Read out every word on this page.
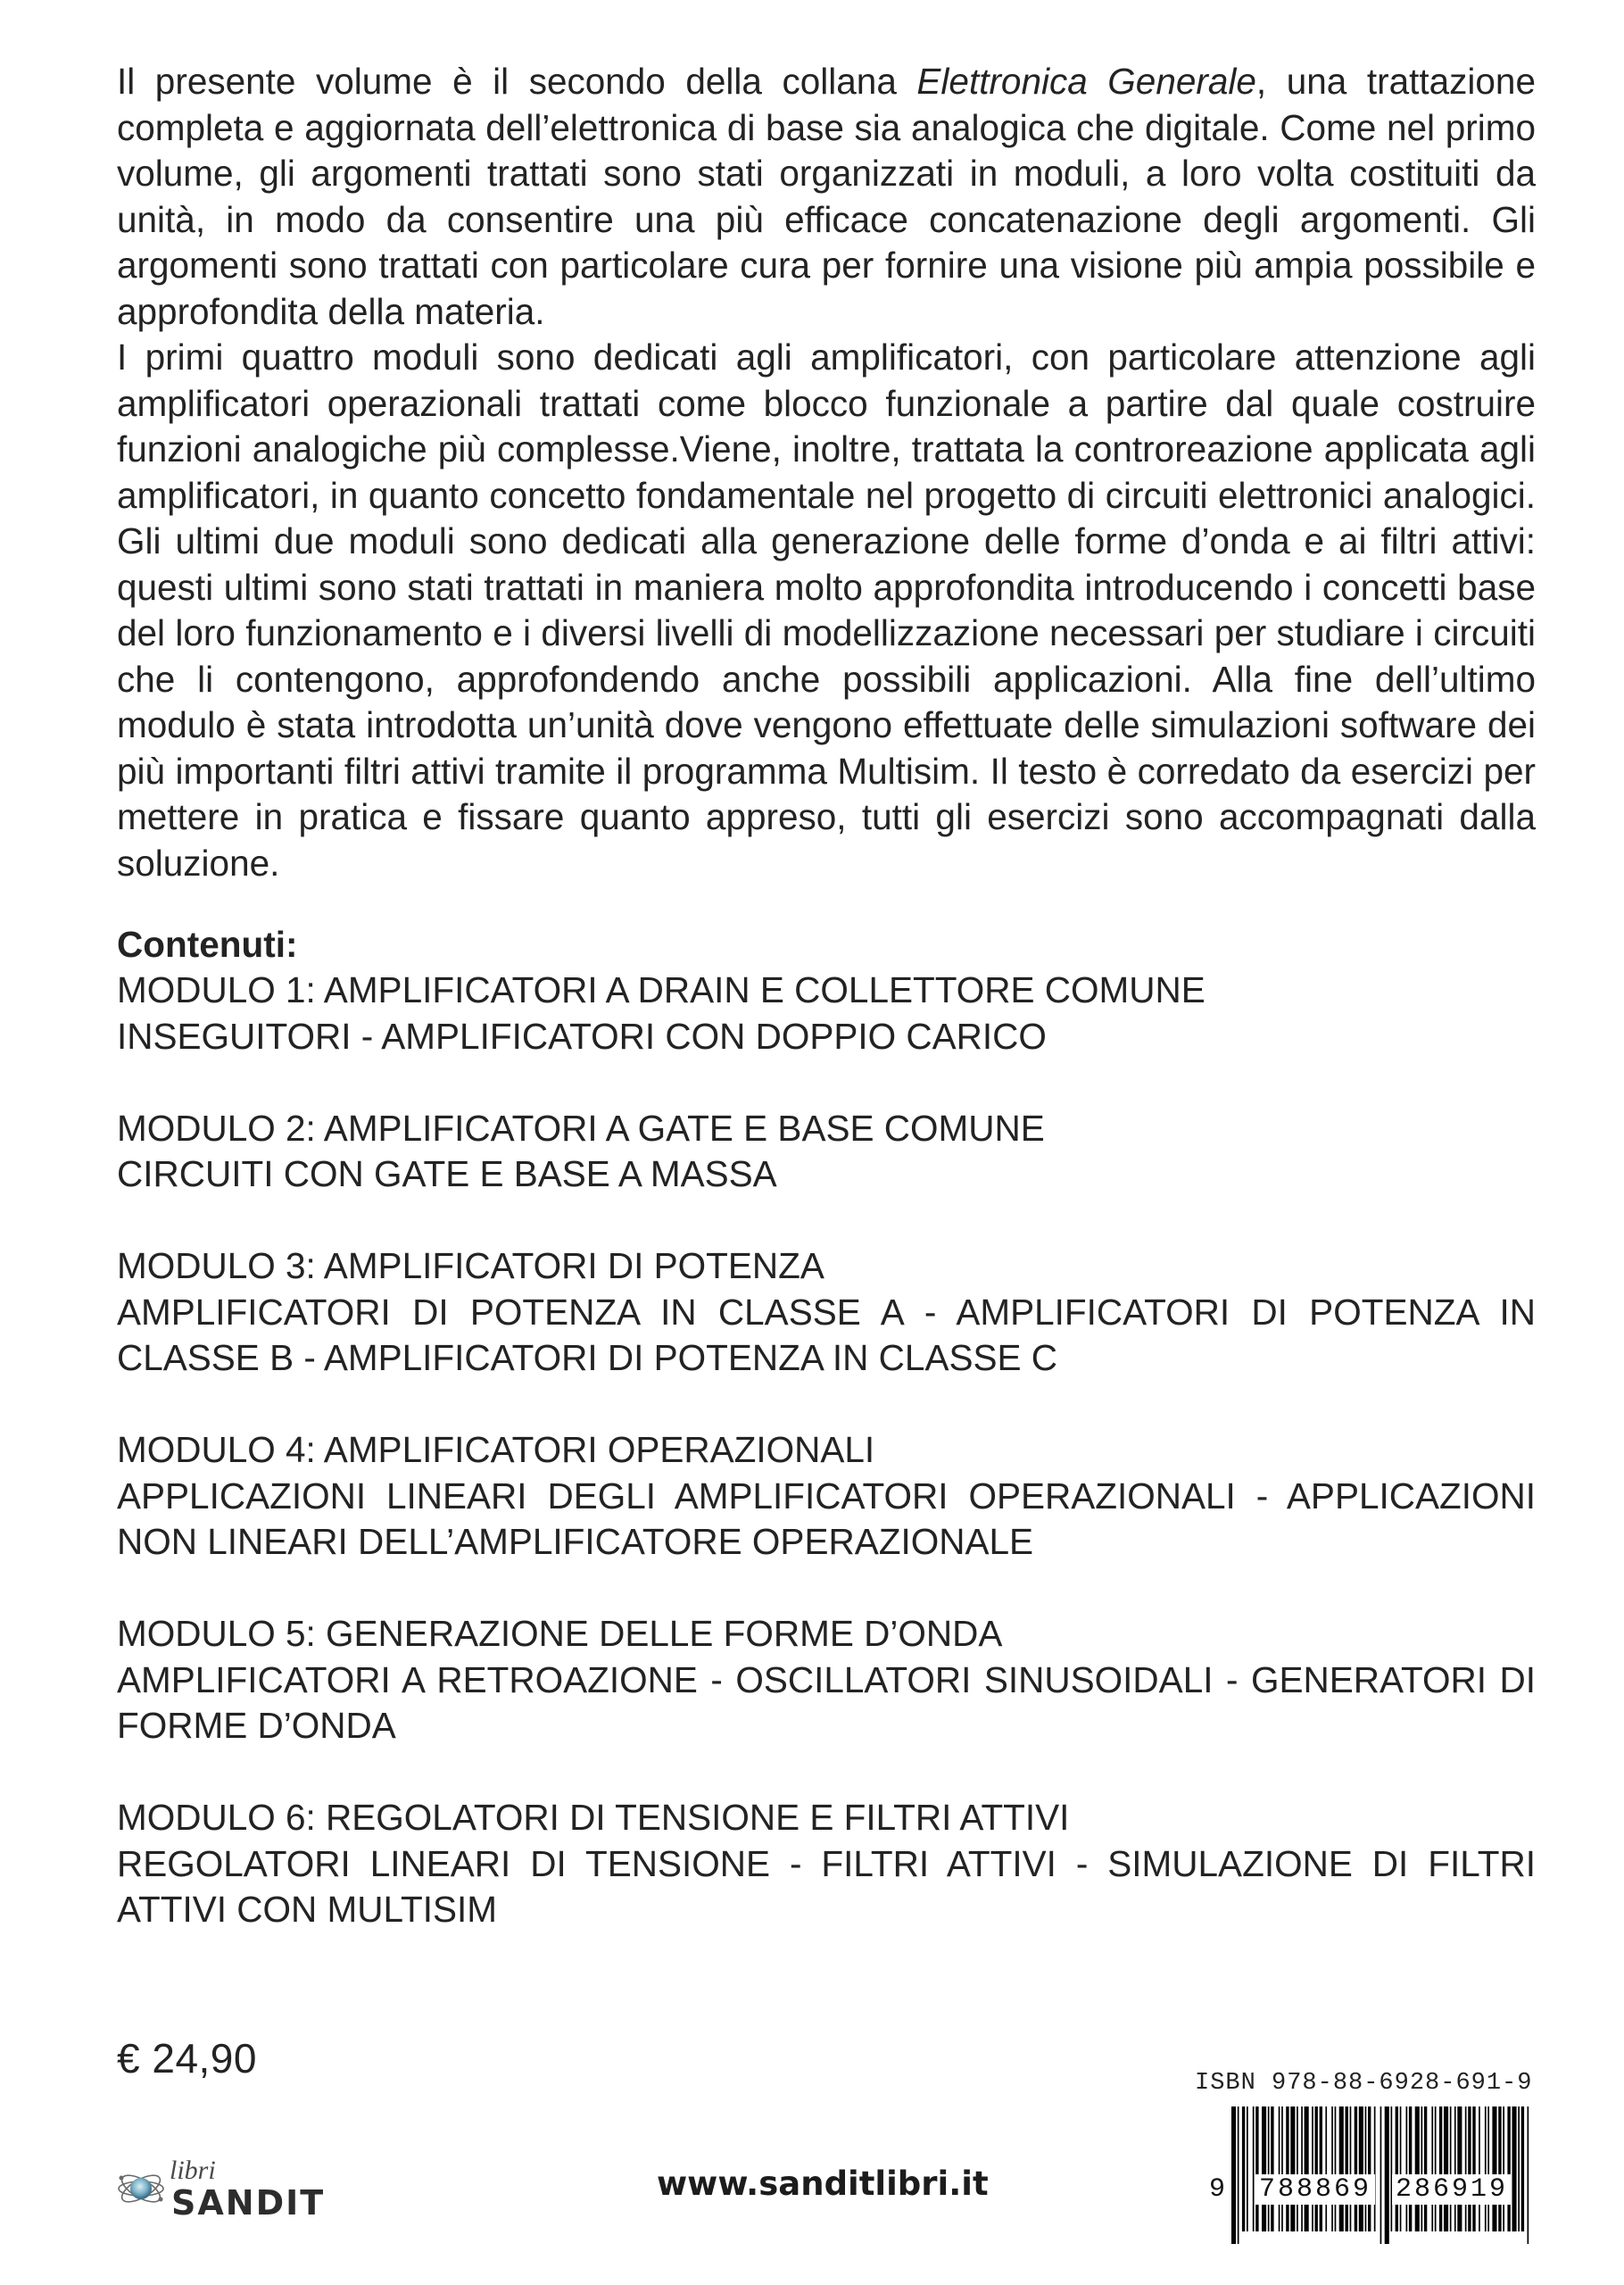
Il presente volume è il secondo della collana Elettronica Generale, una trattazione completa e aggiornata dell’elettronica di base sia analogica che digitale. Come nel primo volume, gli argomenti trattati sono stati organizzati in moduli, a loro volta costituiti da unità, in modo da consentire una più efficace concatenazione degli argomenti. Gli argomenti sono trattati con particolare cura per fornire una visione più ampia possibile e approfondita della materia.

I primi quattro moduli sono dedicati agli amplificatori, con particolare attenzione agli amplificatori operazionali trattati come blocco funzionale a partire dal quale costruire funzioni analogiche più complesse.Viene, inoltre, trattata la controreazione applicata agli amplificatori, in quanto concetto fondamentale nel progetto di circuiti elettronici analogici. Gli ultimi due moduli sono dedicati alla generazione delle forme d’onda e ai filtri attivi: questi ultimi sono stati trattati in maniera molto approfondita introducendo i concetti base del loro funzionamento e i diversi livelli di modellizzazione necessari per studiare i circuiti che li contengono, approfondendo anche possibili applicazioni. Alla fine dell’ultimo modulo è stata introdotta un’unità dove vengono effettuate delle simulazioni software dei più importanti filtri attivi tramite il programma Multisim. Il testo è corredato da esercizi per mettere in pratica e fissare quanto appreso, tutti gli esercizi sono accompagnati dalla soluzione.

Contenuti:
MODULO 1: AMPLIFICATORI A DRAIN E COLLETTORE COMUNE
INSEGUITORI - AMPLIFICATORI CON DOPPIO CARICO
MODULO 2: AMPLIFICATORI A GATE E BASE COMUNE
CIRCUITI CON GATE E BASE A MASSA
MODULO 3: AMPLIFICATORI DI POTENZA
AMPLIFICATORI DI POTENZA IN CLASSE A - AMPLIFICATORI DI POTENZA IN CLASSE B - AMPLIFICATORI DI POTENZA IN CLASSE C
MODULO 4: AMPLIFICATORI OPERAZIONALI
APPLICAZIONI LINEARI DEGLI AMPLIFICATORI OPERAZIONALI - APPLICAZIONI NON LINEARI DELL’AMPLIFICATORE OPERAZIONALE
MODULO 5: GENERAZIONE DELLE FORME D’ONDA
AMPLIFICATORI A RETROAZIONE - OSCILLATORI SINUSOIDALI - GENERATORI DI FORME D’ONDA
MODULO 6: REGOLATORI DI TENSIONE E FILTRI ATTIVI
REGOLATORI LINEARI DI TENSIONE - FILTRI ATTIVI - SIMULAZIONE DI FILTRI ATTIVI CON MULTISIM
€ 24,90
ISBN 978-88-6928-691-9
9 788869 286919
libri
SANDIT	www.sanditlibri.it
